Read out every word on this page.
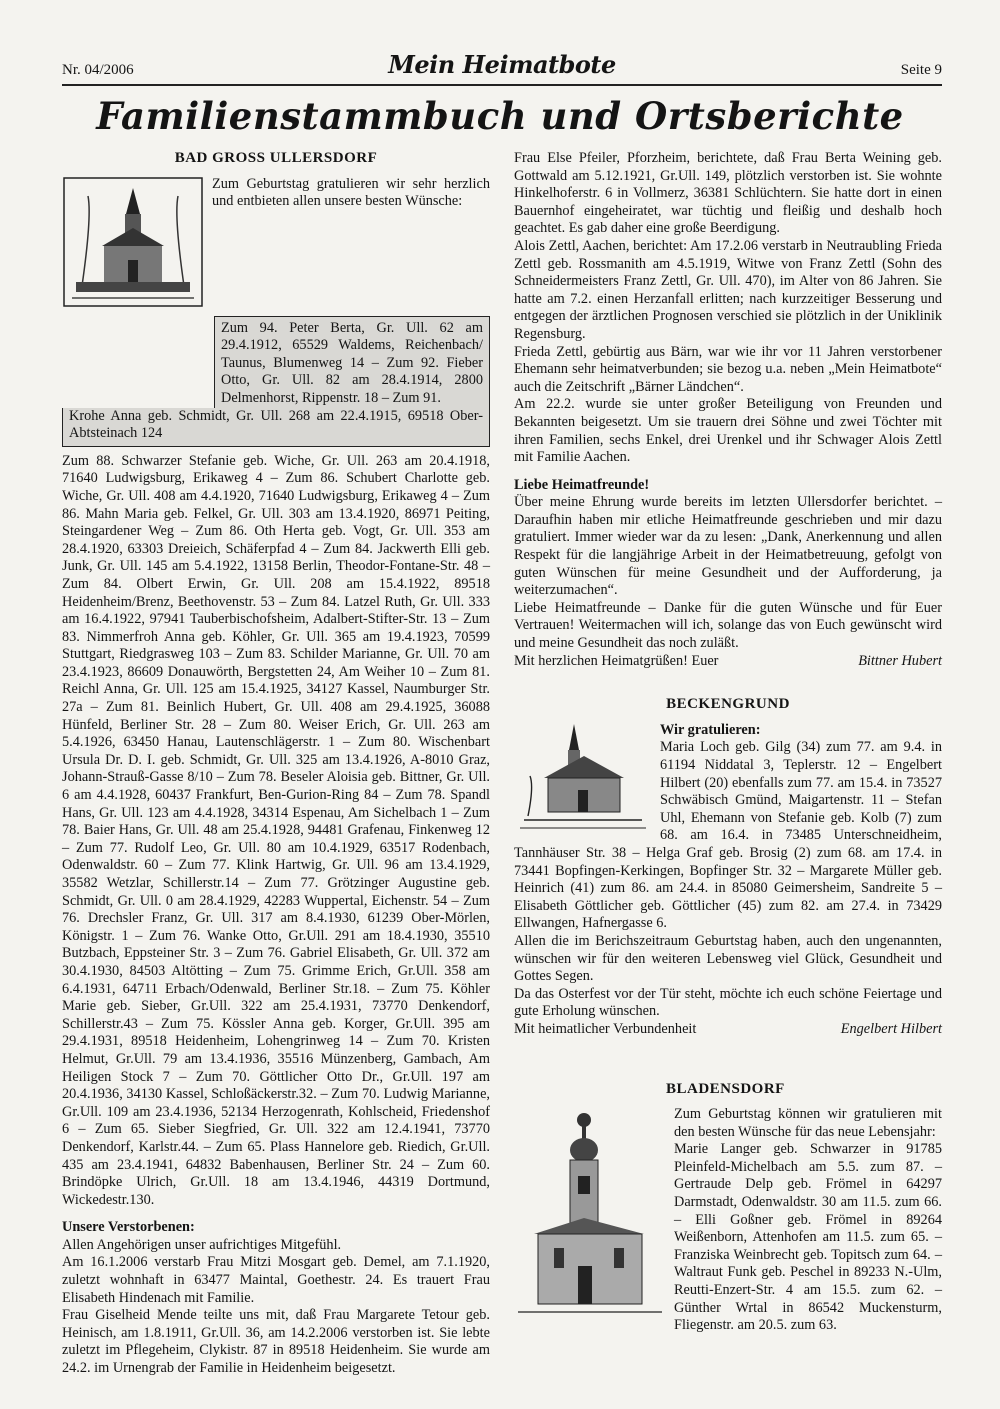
Nr. 04/2006	Mein Heimatbote	Seite 9
Familienstammbuch und Ortsberichte
BAD GROSS ULLERSDORF

Zum Geburtstag gratulieren wir sehr herzlich und entbieten allen unsere besten Wünsche:

Zum 94. Peter Berta, Gr. Ull. 62 am 29.4.1912, 65529 Waldems, Reichenbach/ Taunus, Blumenweg 14 – Zum 92. Fieber Otto, Gr. Ull. 82 am 28.4.1914, 2800 Delmenhorst, Rippenstr. 18 – Zum 91.
Krohe Anna geb. Schmidt, Gr. Ull. 268 am 22.4.1915, 69518 Ober-Abtsteinach 124

Zum 88. Schwarzer Stefanie geb. Wiche, Gr. Ull. 263 am 20.4.1918, 71640 Ludwigsburg, Erikaweg 4 – Zum 86. Schubert Charlotte geb. Wiche, Gr. Ull. 408 am 4.4.1920, 71640 Ludwigsburg, Erikaweg 4 – Zum 86. Mahn Maria geb. Felkel, Gr. Ull. 303 am 13.4.1920, 86971 Peiting, Steingardener Weg – Zum 86. Oth Herta geb. Vogt, Gr. Ull. 353 am 28.4.1920, 63303 Dreieich, Schäferpfad 4 – Zum 84. Jackwerth Elli geb. Junk, Gr. Ull. 145 am 5.4.1922, 13158 Berlin, Theodor-Fontane-Str. 48 – Zum 84. Olbert Erwin, Gr. Ull. 208 am 15.4.1922, 89518 Heidenheim/Brenz, Beethovenstr. 53 – Zum 84. Latzel Ruth, Gr. Ull. 333 am 16.4.1922, 97941 Tauberbischofsheim, Adalbert-Stifter-Str. 13 – Zum 83. Nimmerfroh Anna geb. Köhler, Gr. Ull. 365 am 19.4.1923, 70599 Stuttgart, Riedgrasweg 103 – Zum 83. Schilder Marianne, Gr. Ull. 70 am 23.4.1923, 86609 Donauwörth, Bergstetten 24, Am Weiher 10 – Zum 81. Reichl Anna, Gr. Ull. 125 am 15.4.1925, 34127 Kassel, Naumburger Str. 27a – Zum 81. Beinlich Hubert, Gr. Ull. 408 am 29.4.1925, 36088 Hünfeld, Berliner Str. 28 – Zum 80. Weiser Erich, Gr. Ull. 263 am 5.4.1926, 63450 Hanau, Lautenschlägerstr. 1 – Zum 80. Wischenbart Ursula Dr. D. I. geb. Schmidt, Gr. Ull. 325 am 13.4.1926, A-8010 Graz, Johann-Strauß-Gasse 8/10 – Zum 78. Beseler Aloisia geb. Bittner, Gr. Ull. 6 am 4.4.1928, 60437 Frankfurt, Ben-Gurion-Ring 84 – Zum 78. Spandl Hans, Gr. Ull. 123 am 4.4.1928, 34314 Espenau, Am Sichelbach 1 – Zum 78. Baier Hans, Gr. Ull. 48 am 25.4.1928, 94481 Grafenau, Finkenweg 12 – Zum 77. Rudolf Leo, Gr. Ull. 80 am 10.4.1929, 63517 Rodenbach, Odenwaldstr. 60 – Zum 77. Klink Hartwig, Gr. Ull. 96 am 13.4.1929, 35582 Wetzlar, Schillerstr.14 – Zum 77. Grötzinger Augustine geb. Schmidt, Gr. Ull. 0 am 28.4.1929, 42283 Wuppertal, Eichenstr. 54 – Zum 76. Drechsler Franz, Gr. Ull. 317 am 8.4.1930, 61239 Ober-Mörlen, Königstr. 1 – Zum 76. Wanke Otto, Gr.Ull. 291 am 18.4.1930, 35510 Butzbach, Eppsteiner Str. 3 – Zum 76. Gabriel Elisabeth, Gr. Ull. 372 am 30.4.1930, 84503 Altötting – Zum 75. Grimme Erich, Gr.Ull. 358 am 6.4.1931, 64711 Erbach/Odenwald, Berliner Str.18. – Zum 75. Köhler Marie geb. Sieber, Gr.Ull. 322 am 25.4.1931, 73770 Denkendorf, Schillerstr.43 – Zum 75. Kössler Anna geb. Korger, Gr.Ull. 395 am 29.4.1931, 89518 Heidenheim, Lohengrinweg 14 – Zum 70. Kristen Helmut, Gr.Ull. 79 am 13.4.1936, 35516 Münzenberg, Gambach, Am Heiligen Stock 7 – Zum 70. Göttlicher Otto Dr., Gr.Ull. 197 am 20.4.1936, 34130 Kassel, Schloßäckerstr.32. – Zum 70. Ludwig Marianne, Gr.Ull. 109 am 23.4.1936, 52134 Herzogenrath, Kohlscheid, Friedenshof 6 – Zum 65. Sieber Siegfried, Gr. Ull. 322 am 12.4.1941, 73770 Denkendorf, Karlstr.44. – Zum 65. Plass Hannelore geb. Riedich, Gr.Ull. 435 am 23.4.1941, 64832 Babenhausen, Berliner Str. 24 – Zum 60. Brindöpke Ulrich, Gr.Ull. 18 am 13.4.1946, 44319 Dortmund, Wickedestr.130.

Unsere Verstorbenen:

Allen Angehörigen unser aufrichtiges Mitgefühl.

Am 16.1.2006 verstarb Frau Mitzi Mosgart geb. Demel, am 7.1.1920, zuletzt wohnhaft in 63477 Maintal, Goethestr. 24. Es trauert Frau Elisabeth Hindenach mit Familie.

Frau Giselheid Mende teilte uns mit, daß Frau Margarete Tetour geb. Heinisch, am 1.8.1911, Gr.Ull. 36, am 14.2.2006 verstorben ist. Sie lebte zuletzt im Pflegeheim, Clykistr. 87 in 89518 Heidenheim. Sie wurde am 24.2. im Urnengrab der Familie in Heidenheim beigesetzt.

Frau Else Pfeiler, Pforzheim, berichtete, daß Frau Berta Weining geb. Gottwald am 5.12.1921, Gr.Ull. 149, plötzlich verstorben ist. Sie wohnte Hinkelhoferstr. 6 in Vollmerz, 36381 Schlüchtern. Sie hatte dort in einen Bauernhof eingeheiratet, war tüchtig und fleißig und deshalb hoch geachtet. Es gab daher eine große Beerdigung.

Alois Zettl, Aachen, berichtet: Am 17.2.06 verstarb in Neutraubling Frieda Zettl geb. Rossmanith am 4.5.1919, Witwe von Franz Zettl (Sohn des Schneidermeisters Franz Zettl, Gr. Ull. 470), im Alter von 86 Jahren. Sie hatte am 7.2. einen Herzanfall erlitten; nach kurzzeitiger Besserung und entgegen der ärztlichen Prognosen verschied sie plötzlich in der Uniklinik Regensburg.

Frieda Zettl, gebürtig aus Bärn, war wie ihr vor 11 Jahren verstorbener Ehemann sehr heimatverbunden; sie bezog u.a. neben „Mein Heimatbote“ auch die Zeitschrift „Bärner Ländchen“.

Am 22.2. wurde sie unter großer Beteiligung von Freunden und Bekannten beigesetzt. Um sie trauern drei Söhne und zwei Töchter mit ihren Familien, sechs Enkel, drei Urenkel und ihr Schwager Alois Zettl mit Familie Aachen.

Liebe Heimatfreunde!

Über meine Ehrung wurde bereits im letzten Ullersdorfer berichtet. – Daraufhin haben mir etliche Heimatfreunde geschrieben und mir dazu gratuliert. Immer wieder war da zu lesen: „Dank, Anerkennung und allen Respekt für die langjährige Arbeit in der Heimatbetreuung, gefolgt von guten Wünschen für meine Gesundheit und der Aufforderung, ja weiterzumachen“.

Liebe Heimatfreunde – Danke für die guten Wünsche und für Euer Vertrauen! Weitermachen will ich, solange das von Euch gewünscht wird und meine Gesundheit das noch zuläßt.

Mit herzlichen Heimatgrüßen! Euer	Bittner Hubert
BECKENGRUND

Wir gratulieren:

Maria Loch geb. Gilg (34) zum 77. am 9.4. in 61194 Niddatal 3, Teplerstr. 12 – Engelbert Hilbert (20) ebenfalls zum 77. am 15.4. in 73527 Schwäbisch Gmünd, Maigartenstr. 11 – Stefan Uhl, Ehemann von Stefanie geb. Kolb (7) zum 68. am 16.4. in 73485 Unterschneidheim, Tannhäuser Str. 38 – Helga Graf geb. Brosig (2) zum 68. am 17.4. in 73441 Bopfingen-Kerkingen, Bopfinger Str. 32 – Margarete Müller geb. Heinrich (41) zum 86. am 24.4. in 85080 Geimersheim, Sandreite 5 – Elisabeth Göttlicher geb. Göttlicher (45) zum 82. am 27.4. in 73429 Ellwangen, Hafnergasse 6.

Allen die im Berichszeitraum Geburtstag haben, auch den ungenannten, wünschen wir für den weiteren Lebensweg viel Glück, Gesundheit und Gottes Segen.

Da das Osterfest vor der Tür steht, möchte ich euch schöne Feiertage und gute Erholung wünschen.

Mit heimatlicher Verbundenheit	Engelbert Hilbert
BLADENSDORF

Zum Geburtstag können wir gratulieren mit den besten Wünsche für das neue Lebensjahr:

Marie Langer geb. Schwarzer in 91785 Pleinfeld-Michelbach am 5.5. zum 87. – Gertraude Delp geb. Frömel in 64297 Darmstadt, Odenwaldstr. 30 am 11.5. zum 66. – Elli Goßner geb. Frömel in 89264 Weißenborn, Attenhofen am 11.5. zum 65. – Franziska Weinbrecht geb. Topitsch zum 64. – Waltraut Funk geb. Peschel in 89233 N.-Ulm, Reutti-Enzert-Str. 4 am 15.5. zum 62. – Günther Wrtal in 86542 Muckensturm, Fliegenstr. am 20.5. zum 63.
